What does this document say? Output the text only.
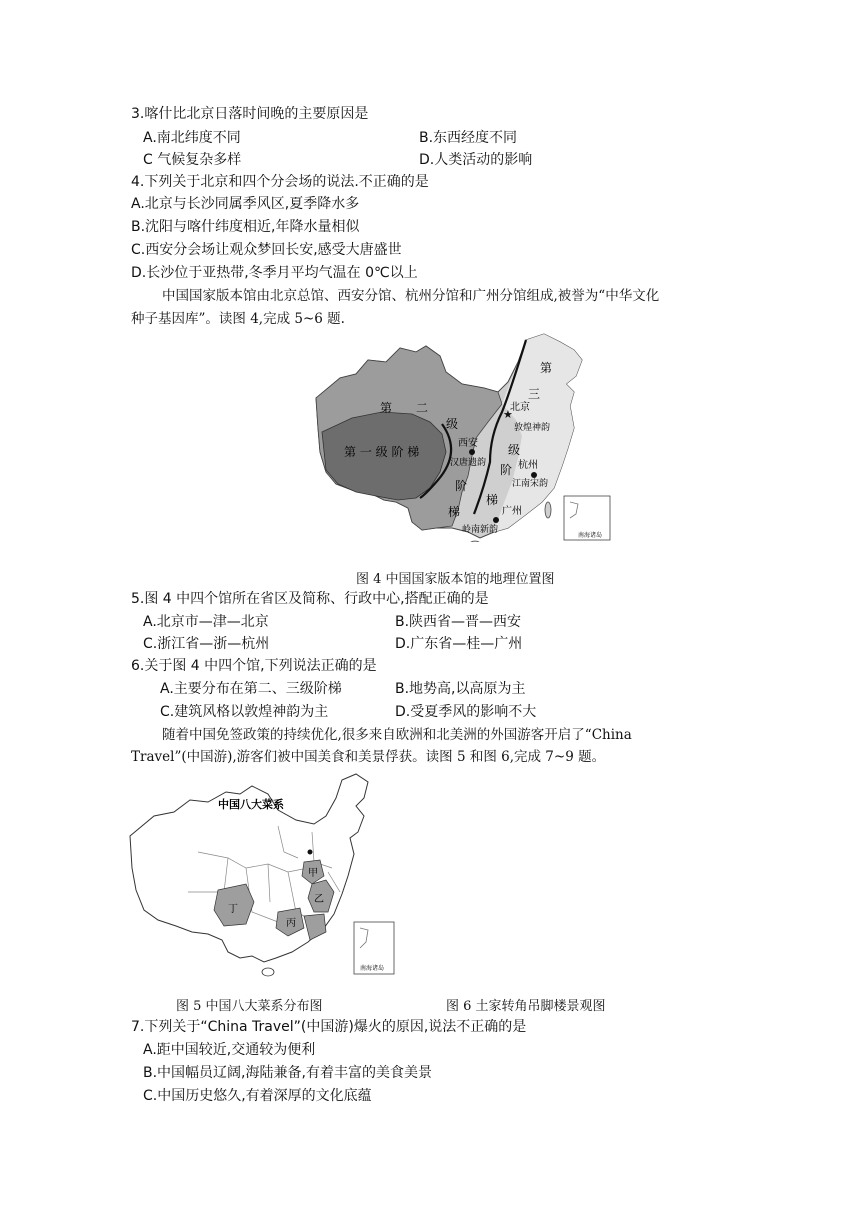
3.喀什比北京日落时间晚的主要原因是
A.南北纬度不同	B.东西经度不同
C 气候复杂多样	D.人类活动的影响
4.下列关于北京和四个分会场的说法.不正确的是
A.北京与长沙同属季风区,夏季降水多
B.沈阳与喀什纬度相近,年降水量相似
C.西安分会场让观众梦回长安,感受大唐盛世
D.长沙位于亚热带,冬季月平均气温在 0℃以上
中国国家版本馆由北京总馆、西安分馆、杭州分馆和广州分馆组成,被誉为“中华文化
种子基因库”。读图 4,完成 5~6 题.
第 二
级
第 一 级 阶 梯
阶
梯
第
三
级
阶
梯
★
北京
敦煌神韵
西安
汉唐遗韵	杭州
江南宋韵
广州
岭南新韵
南海诸岛
图 4 中国国家版本馆的地理位置图
5.图 4 中四个馆所在省区及简称、行政中心,搭配正确的是
A.北京市—津—北京	B.陕西省—晋—西安
C.浙江省—浙—杭州	D.广东省—桂—广州
6.关于图 4 中四个馆,下列说法正确的是
A.主要分布在第二、三级阶梯	B.地势高,以高原为主
C.建筑风格以敦煌神韵为主	D.受夏季风的影响不大
随着中国免签政策的持续优化,很多来自欧洲和北美洲的外国游客开启了“China
Travel”(中国游),游客们被中国美食和美景俘获。读图 5 和图 6,完成 7~9 题。
中国八大菜系
甲
乙
丙
丁
南海诸岛
图 5 中国八大菜系分布图	图 6 土家转角吊脚楼景观图
7.下列关于“China Travel”(中国游)爆火的原因,说法不正确的是
A.距中国较近,交通较为便利
B.中国幅员辽阔,海陆兼备,有着丰富的美食美景
C.中国历史悠久,有着深厚的文化底蕴
